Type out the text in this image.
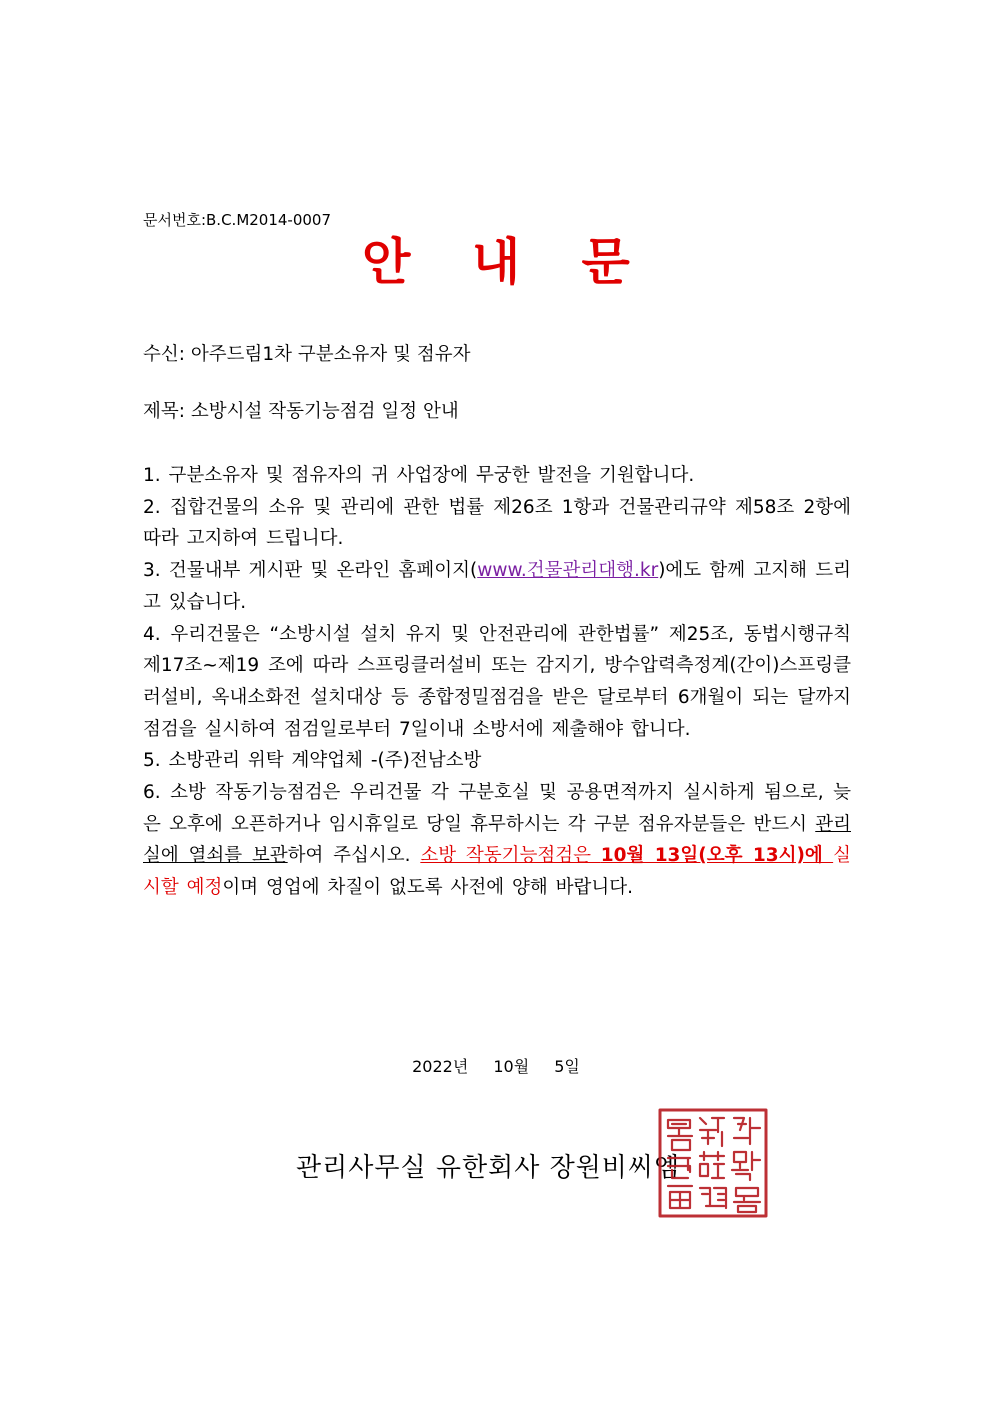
문서번호:B.C.M2014-0007
안 내 문
수신: 아주드림1차 구분소유자 및 점유자
제목: 소방시설 작동기능점검 일정 안내
1. 구분소유자 및 점유자의 귀 사업장에 무궁한 발전을 기원합니다.
2. 집합건물의 소유 및 관리에 관한 법률 제26조 1항과 건물관리규약 제58조 2항에 따라 고지하여 드립니다.
3. 건물내부 게시판 및 온라인 홈페이지(www.건물관리대행.kr)에도 함께 고지해 드리고 있습니다.
4. 우리건물은 “소방시설 설치 유지 및 안전관리에 관한법률” 제25조, 동법시행규칙 제17조~제19 조에 따라 스프링클러설비 또는 감지기, 방수압력측정계(간이)스프링클러설비, 옥내소화전 설치대상 등 종합정밀점검을 받은 달로부터 6개월이 되는 달까지 점검을 실시하여 점검일로부터 7일이내 소방서에 제출해야 합니다.
5. 소방관리 위탁 계약업체 -(주)전남소방
6. 소방 작동기능점검은 우리건물 각 구분호실 및 공용면적까지 실시하게 됨으로, 늦은 오후에 오픈하거나 임시휴일로 당일 휴무하시는 각 구분 점유자분들은 반드시 관리실에 열쇠를 보관하여 주십시오. 소방 작동기능점검은 10월 13일(오후 13시)에 실시할 예정이며 영업에 차질이 없도록 사전에 양해 바랍니다.
2022년 10월 5일
관리사무실 유한회사 장원비씨엠
